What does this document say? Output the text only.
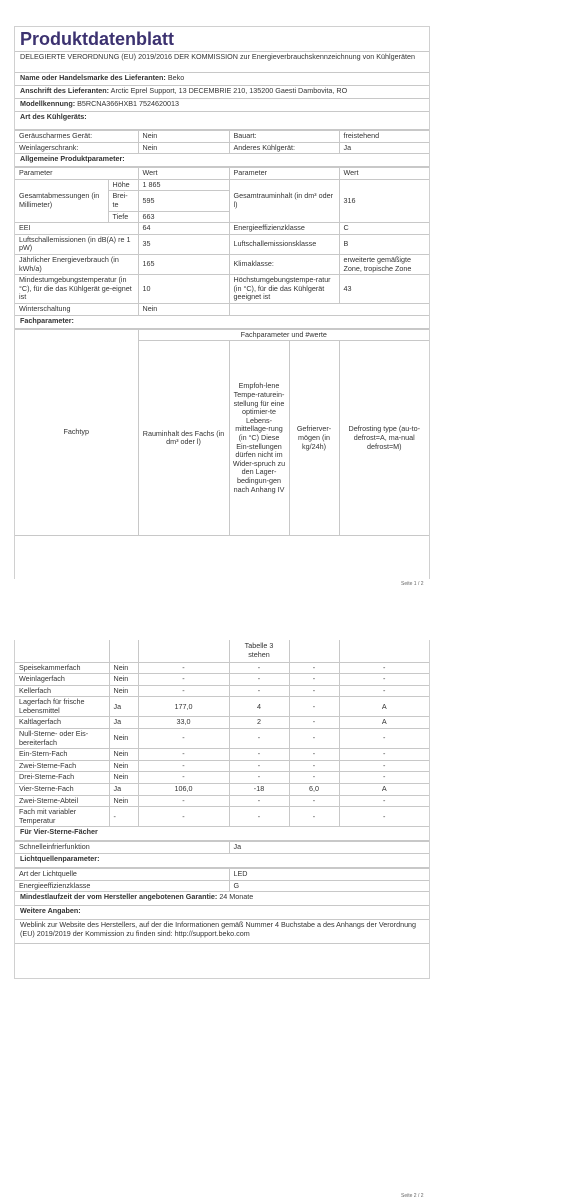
Produktdatenblatt
DELEGIERTE VERORDNUNG (EU) 2019/2016 DER KOMMISSION zur Energieverbrauchskennzeichnung von Kühlgeräten
Name oder Handelsmarke des Lieferanten: Beko
Anschrift des Lieferanten: Arctic Eprel Support, 13 DECEMBRIE 210, 135200 Gaesti Dambovita, RO
Modellkennung: B5RCNA366HXB1 7524620013
Art des Kühlgeräts:
Geräuscharmes Gerät:	Nein	Bauart:	freistehend
Weinlagerschrank:	Nein	Anderes Kühlgerät:	Ja
Allgemeine Produktparameter:
Parameter		Wert	Parameter	Wert
Gesamtabmessungen (in Millimeter)	Höhe	1 865	Gesamtrauminhalt (in dm³ oder l)	316
	Brei-te	595		
	Tiefe	663		
EEI		64	Energieeffizienzklasse	C
Luftschallemissionen (in dB(A) re 1 pW)		35	Luftschallemissionsklasse	B
Jährlicher Energieverbrauch (in kWh/a)		165	Klimaklasse:	erweiterte gemäßigte Zone, tropische Zone
Mindestumgebungstemperatur (in °C), für die das Kühlgerät ge-eignet ist		10	Höchstumgebungstempe-ratur (in °C), für die das Kühlgerät geeignet ist	43
Winterschaltung		Nein		
Fachparameter:
Fachtyp	Fachparameter und #werte			
	Rauminhalt des Fachs (in dm³ oder l)	Empfoh-lene Tempe-raturein-stellung für eine optimier-te Lebens-mittellage-rung (in °C) Diese Ein-stellungen dürfen nicht im Wider-spruch zu den Lager-bedingun-gen nach Anhang IV	Gefrierver-mögen (in kg/24h)	Defrosting type (au-to-defrost=A, ma-nual defrost=M)
Seite 1 / 2
			Tabelle 3 stehen		
Speisekammerfach	Nein	-	-	-	-
Weinlagerfach	Nein	-	-	-	-
Kellerfach	Nein	-	-	-	-
Lagerfach für frische Lebensmittel	Ja	177,0	4	-	A
Kaltlagerfach	Ja	33,0	2	-	A
Null-Sterne- oder Eis-bereiterfach	Nein	-	-	-	-
Ein-Stern-Fach	Nein	-	-	-	-
Zwei-Sterne-Fach	Nein	-	-	-	-
Drei-Sterne-Fach	Nein	-	-	-	-
Vier-Sterne-Fach	Ja	106,0	-18	6,0	A
Zwei-Sterne-Abteil	Nein	-	-	-	-
Fach mit variabler Temperatur	-	-	-	-	-
Für Vier-Sterne-Fächer
Schnelleinfrierfunktion	Ja
Lichtquellenparameter:
Art der Lichtquelle	LED
Energieeffizienzklasse	G
Mindestlaufzeit der vom Hersteller angebotenen Garantie: 24 Monate
Weitere Angaben:
Weblink zur Website des Herstellers, auf der die Informationen gemäß Nummer 4 Buchstabe a des Anhangs der Verordnung (EU) 2019/2019 der Kommission zu finden sind: http://support.beko.com
Seite 2 / 2
